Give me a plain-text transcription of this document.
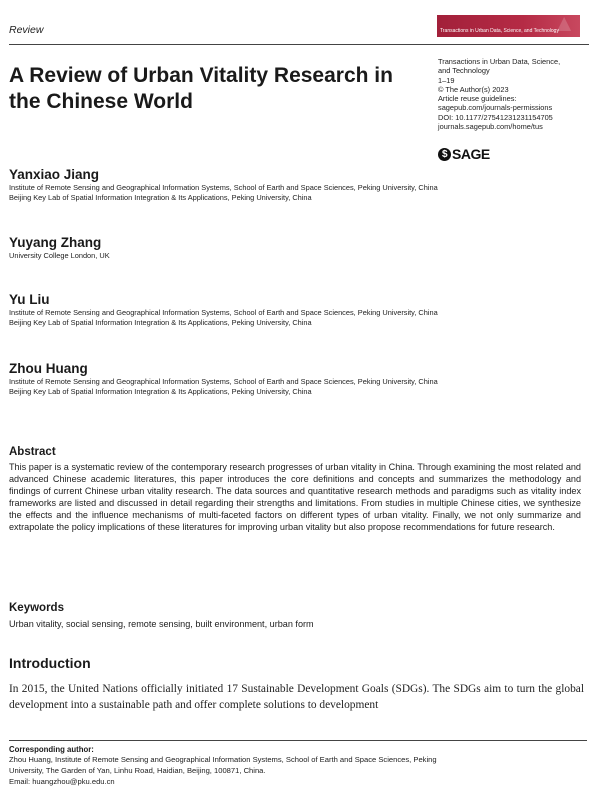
Review	▲
Transactions in Urban Data, Science, and Technology
A Review of Urban Vitality Research in the Chinese World
Transactions in Urban Data, Science,
and Technology
1–19
© The Author(s) 2023
Article reuse guidelines:
sagepub.com/journals-permissions
DOI: 10.1177/27541231231154705
journals.sagepub.com/home/tus
$ SAGE
Yanxiao Jiang
Institute of Remote Sensing and Geographical Information Systems, School of Earth and Space Sciences, Peking University, China
Beijing Key Lab of Spatial Information Integration & Its Applications, Peking University, China
Yuyang Zhang
University College London, UK
Yu Liu
Institute of Remote Sensing and Geographical Information Systems, School of Earth and Space Sciences, Peking University, China
Beijing Key Lab of Spatial Information Integration & Its Applications, Peking University, China
Zhou Huang
Institute of Remote Sensing and Geographical Information Systems, School of Earth and Space Sciences, Peking University, China
Beijing Key Lab of Spatial Information Integration & Its Applications, Peking University, China
Abstract
This paper is a systematic review of the contemporary research progresses of urban vitality in China. Through examining the most related and advanced Chinese academic literatures, this paper introduces the core definitions and concepts and summarizes the methodology and findings of current Chinese urban vitality research. The data sources and quantitative research methods and paradigms such as vitality index frameworks are listed and discussed in detail regarding their strengths and limitations. From studies in multiple Chinese cities, we synthesize the effects and the influence mechanisms of multi-faceted factors on different types of urban vitality. Finally, we not only summarize and extrapolate the policy implications of these literatures for improving urban vitality but also propose recommendations for future research.
Keywords
Urban vitality, social sensing, remote sensing, built environment, urban form
Introduction
In 2015, the United Nations officially initiated 17 Sustainable Development Goals (SDGs). The SDGs aim to turn the global development into a sustainable path and offer complete solutions to development
Corresponding author:
Zhou Huang, Institute of Remote Sensing and Geographical Information Systems, School of Earth and Space Sciences, Peking
University, The Garden of Yan, Linhu Road, Haidian, Beijing, 100871, China.
Email: huangzhou@pku.edu.cn
